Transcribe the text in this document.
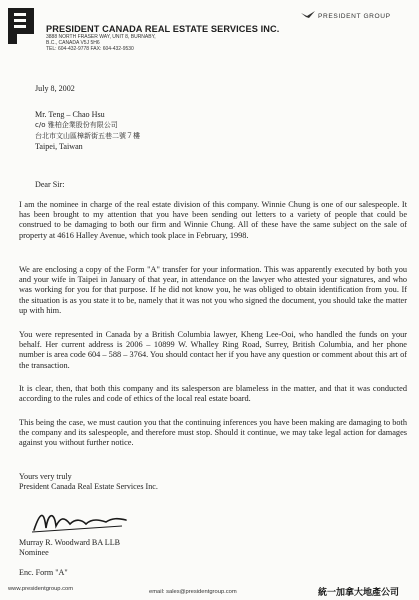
PRESIDENT CANADA REAL ESTATE SERVICES INC.
3888 NORTH FRASER WAY, UNIT 8, BURNABY,
B.C., CANADA V5J 5H6
TEL: 604-432-9778 FAX: 604-432-9530
PRESIDENT GROUP
July 8, 2002
Mr. Teng – Chao Hsu
c/o 雅柏企業股份有限公司
台北市文山區樟新街五巷二號７樓
Taipei, Taiwan
Dear Sir:
I am the nominee in charge of the real estate division of this company. Winnie Chung is one of our salespeople. It has been brought to my attention that you have been sending out letters to a variety of people that could be construed to be damaging to both our firm and Winnie Chung. All of these have the same subject on the sale of property at 4616 Halley Avenue, which took place in February, 1998.
We are enclosing a copy of the Form "A" transfer for your information. This was apparently executed by both you and your wife in Taipei in January of that year, in attendance on the lawyer who attested your signatures, and who was working for you for that purpose. If he did not know you, he was obliged to obtain identification from you. If the situation is as you state it to be, namely that it was not you who signed the document, you should take the matter up with him.
You were represented in Canada by a British Columbia lawyer, Kheng Lee-Ooi, who handled the funds on your behalf. Her current address is 2006 – 10899 W. Whalley Ring Road, Surrey, British Columbia, and her phone number is area code 604 – 588 – 3764. You should contact her if you have any question or comment about this art of the transaction.
It is clear, then, that both this company and its salesperson are blameless in the matter, and that it was conducted according to the rules and code of ethics of the local real estate board.
This being the case, we must caution you that the continuing inferences you have been making are damaging to both the company and its salespeople, and therefore must stop. Should it continue, we may take legal action for damages against you without further notice.
Yours very truly
President Canada Real Estate Services Inc.
Murray R. Woodward BA LLB
Nominee
Enc. Form "A"
www.presidentgroup.com	email: sales@presidentgroup.com	統一加拿大地產公司
